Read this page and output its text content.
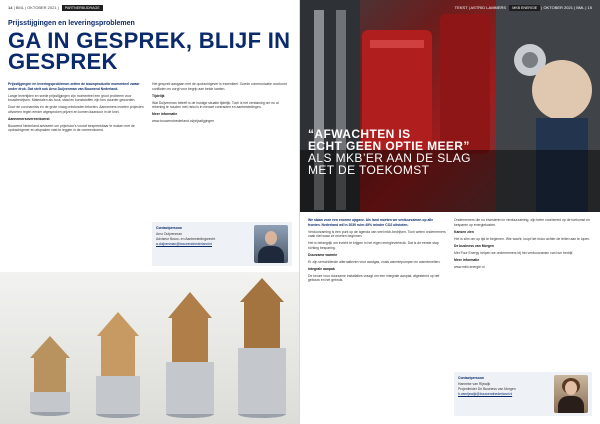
14 | BML | OKTOBER 2021 | PARTNERBIJDRAGE
Prijsstijgingen en leveringsproblemen
GA IN GESPREK, BLIJF IN GESPREK

Prijsstijgingen en leveringsproblemen zetten de bouwproductie momenteel zwaar onder druk. Dat stelt ook Arno Duijvenman van Bouwend Nederland.

Lange levertijden en snelle prijsstijgingen zijn momenteel een groot probleem voor bouwbedrijven. Materialen als hout, staal en kunststoffen zijn fors duurder geworden.

Door de coronacrisis en de grote vraag ontstonden tekorten. Aannemers moeten projecten uitvoeren tegen eerder afgesproken prijzen en komen daardoor in de knel.

Aannemersovereenkomst

Bouwend Nederland adviseert om prijsrisico's vooraf bespreekbaar te maken met de opdrachtgever en afspraken vast te leggen in de overeenkomst.

Het gesprek aangaan met de opdrachtgever is essentieel. Goede communicatie voorkomt conflicten en zorgt voor begrip aan beide kanten.

Tijdelijk

Wat Duijvenman betreft is de huidige situatie tijdelijk. Toch is het verstandig om nu al rekening te houden met risico's in nieuwe contracten en aanbestedingen.

Meer informatie

www.bouwendnederland.nl/prijsstijgingen

Contactpersoon
Arno Duijvenman
Adviseur Bouw- en Aanbestedingsrecht
a.duijvenman@bouwendnederland.nl
TEKST | ASTRID LAMMERS MKB ENERGIE | OKTOBER 2021 | BML | 15
“AFWACHTEN IS
ECHT GEEN OPTIE MEER”
ALS MKB’ER AAN DE SLAG
MET DE TOEKOMST

We staan voor een enorme opgave. Als land moeten we verduurzamen op alle fronten. Nederland wil in 2030 ruim 49% minder CO2 uitstoten.

Verduurzaming is een punt op de agenda van veel mkb-bedrijven. Toch weten ondernemers vaak niet waar ze moeten beginnen.

Het is belangrijk om inzicht te krijgen in het eigen energieverbruik. Dat is de eerste stap richting besparing.

Duurzame warmte

Er zijn verschillende alternatieven voor aardgas, zoals warmtepompen en warmtenetten.

Integrale aanpak

De keuze voor duurzame installaties vraagt om een integrale aanpak, afgestemd op het gebouw en het gebruik.

Ondernemers die nu investeren in verduurzaming, zijn beter voorbereid op de toekomst en besparen op energiekosten.

Kansen zien

Het is slim om op tijd te beginnen. Wie wacht, loopt het risico achter de feiten aan te lopen.

De business van Morgen

Met Four Energy helpen we ondernemers bij het verduurzamen van hun bedrijf.

Meer informatie

www.mkb-energie.nl

Contactpersoon
Hanneke van Rijswijk
Projectleider De Business van Morgen
h.vanrijswijk@bouwendnederland.nl
